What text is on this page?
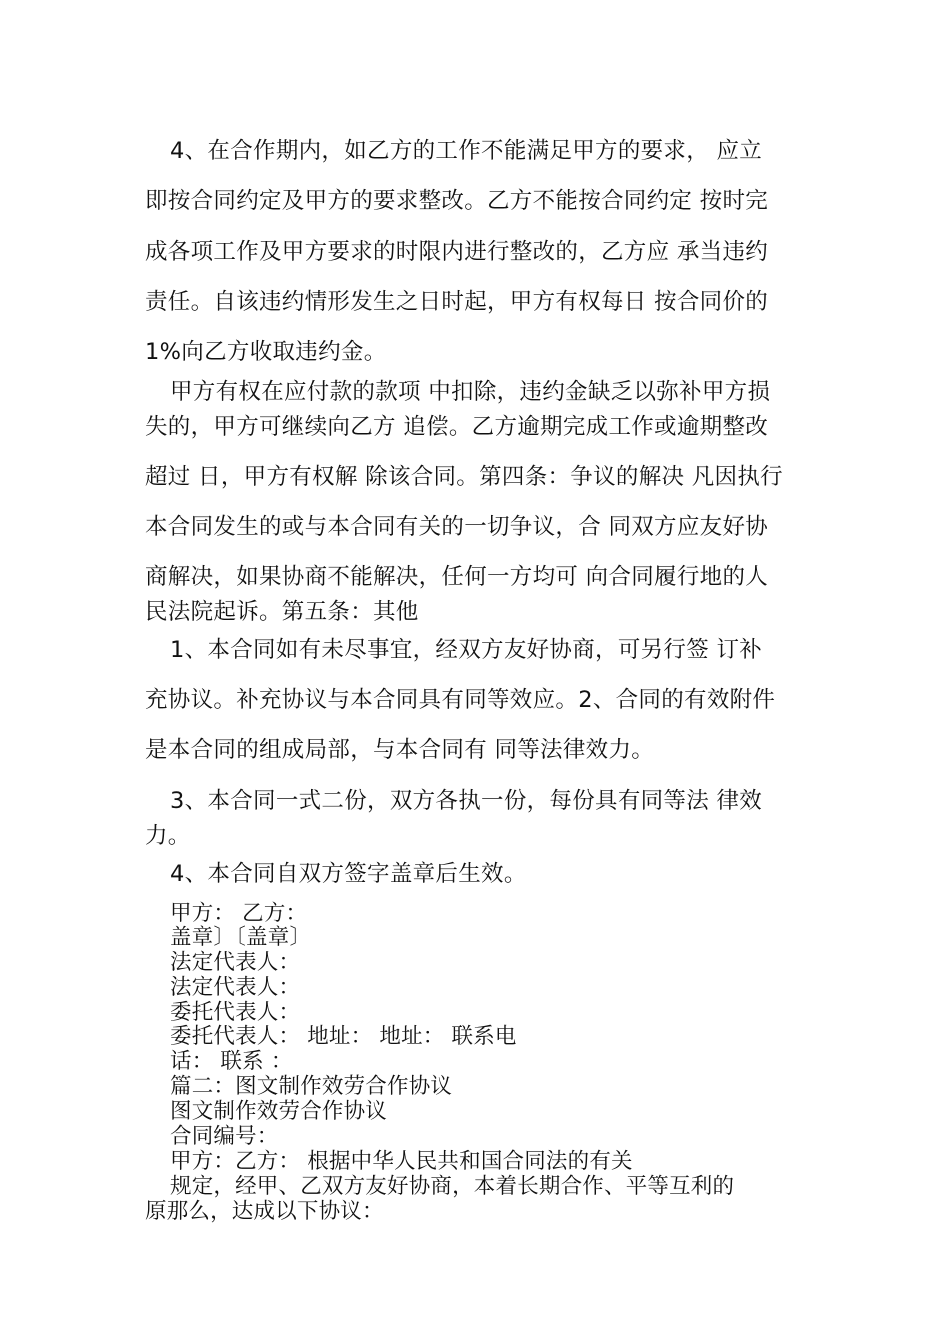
4、在合作期内，如乙方的工作不能满足甲方的要求， 应立
即按合同约定及甲方的要求整改。乙方不能按合同约定 按时完
成各项工作及甲方要求的时限内进行整改的，乙方应 承当违约
责任。自该违约情形发生之日时起，甲方有权每日 按合同价的
1%向乙方收取违约金。
甲方有权在应付款的款项 中扣除，违约金缺乏以弥补甲方损
失的，甲方可继续向乙方 追偿。乙方逾期完成工作或逾期整改
超过 日，甲方有权解 除该合同。第四条：争议的解决 凡因执行
本合同发生的或与本合同有关的一切争议，合 同双方应友好协
商解决，如果协商不能解决，任何一方均可 向合同履行地的人
民法院起诉。第五条：其他
1、本合同如有未尽事宜，经双方友好协商，可另行签 订补
充协议。补充协议与本合同具有同等效应。2、合同的有效附件
是本合同的组成局部，与本合同有 同等法律效力。
3、本合同一式二份，双方各执一份，每份具有同等法 律效
力。
4、本合同自双方签字盖章后生效。
甲方： 乙方：
盖章〕〔盖章〕
法定代表人：
法定代表人：
委托代表人：
委托代表人： 地址： 地址： 联系电
话： 联系 ：
篇二：图文制作效劳合作协议
图文制作效劳合作协议
合同编号：
甲方：乙方： 根据中华人民共和国合同法的有关
规定，经甲、乙双方友好协商，本着长期合作、平等互利的
原那么，达成以下协议：
